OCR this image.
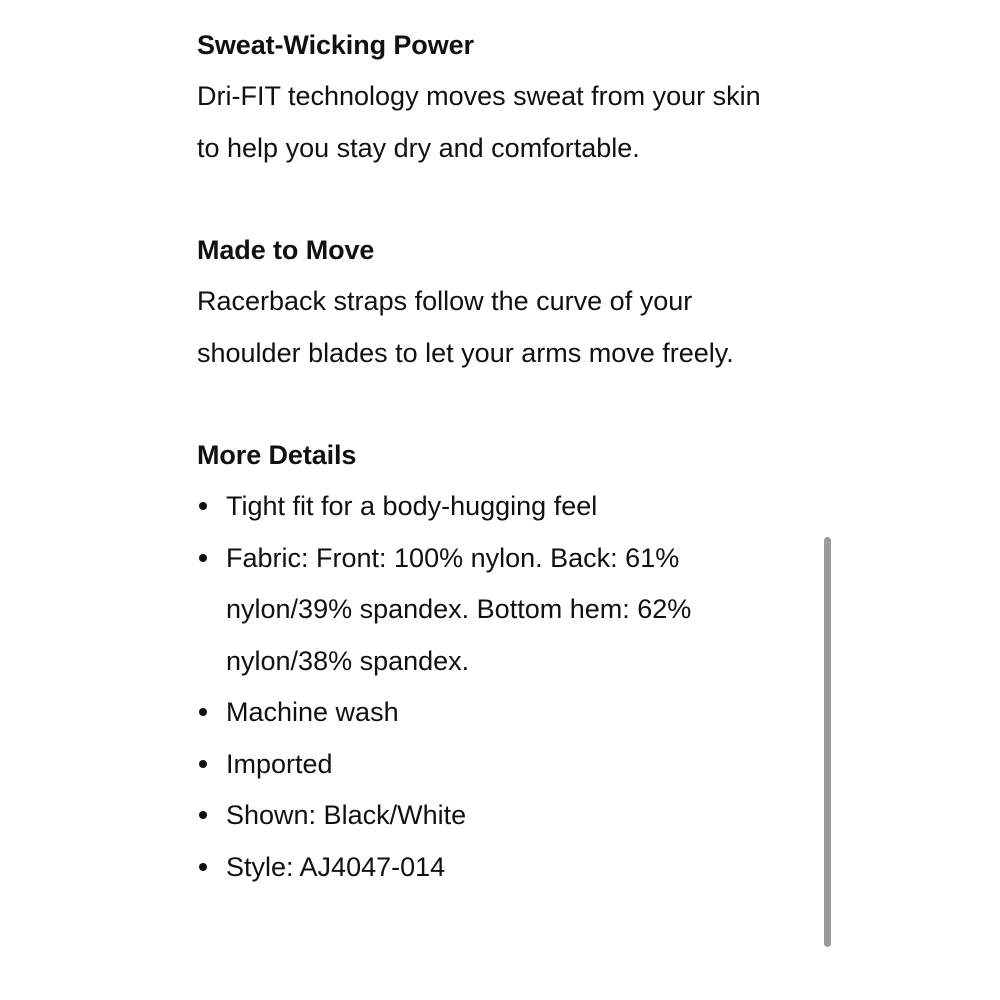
Sweat-Wicking Power

Dri-FIT technology moves sweat from your skin to help you stay dry and comfortable.

Made to Move

Racerback straps follow the curve of your shoulder blades to let your arms move freely.

More Details
Tight fit for a body-hugging feel
Fabric: Front: 100% nylon. Back: 61% nylon/39% spandex. Bottom hem: 62% nylon/38% spandex.
Machine wash
Imported
Shown: Black/White
Style: AJ4047-014
